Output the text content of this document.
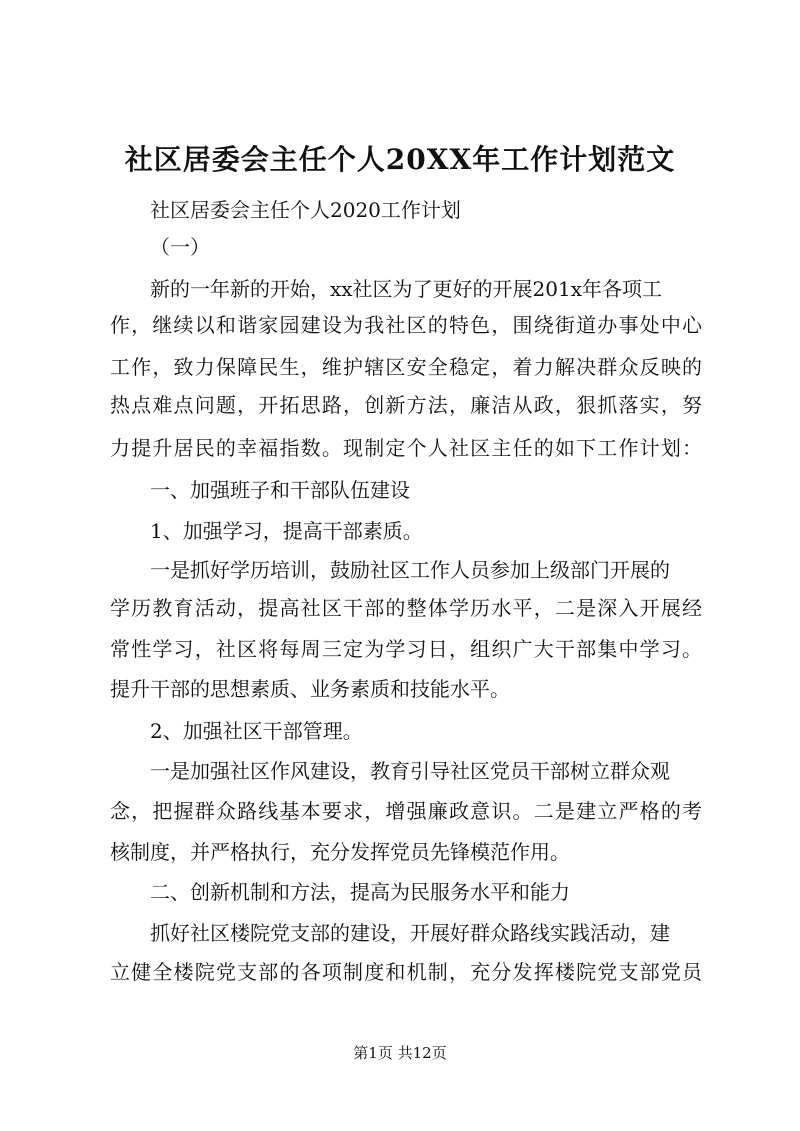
社区居委会主任个人20XX年工作计划范文
社区居委会主任个人2020工作计划
（一）
新的一年新的开始，xx社区为了更好的开展201x年各项工
作，继续以和谐家园建设为我社区的特色，围绕街道办事处中心
工作，致力保障民生，维护辖区安全稳定，着力解决群众反映的
热点难点问题，开拓思路，创新方法，廉洁从政，狠抓落实，努
力提升居民的幸福指数。现制定个人社区主任的如下工作计划：
一、加强班子和干部队伍建设
1、加强学习，提高干部素质。
一是抓好学历培训，鼓励社区工作人员参加上级部门开展的
学历教育活动，提高社区干部的整体学历水平，二是深入开展经
常性学习，社区将每周三定为学习日，组织广大干部集中学习。
提升干部的思想素质、业务素质和技能水平。
2、加强社区干部管理。
一是加强社区作风建设，教育引导社区党员干部树立群众观
念，把握群众路线基本要求，增强廉政意识。二是建立严格的考
核制度，并严格执行，充分发挥党员先锋模范作用。
二、创新机制和方法，提高为民服务水平和能力
抓好社区楼院党支部的建设，开展好群众路线实践活动，建
立健全楼院党支部的各项制度和机制，充分发挥楼院党支部党员
第1页 共12页
